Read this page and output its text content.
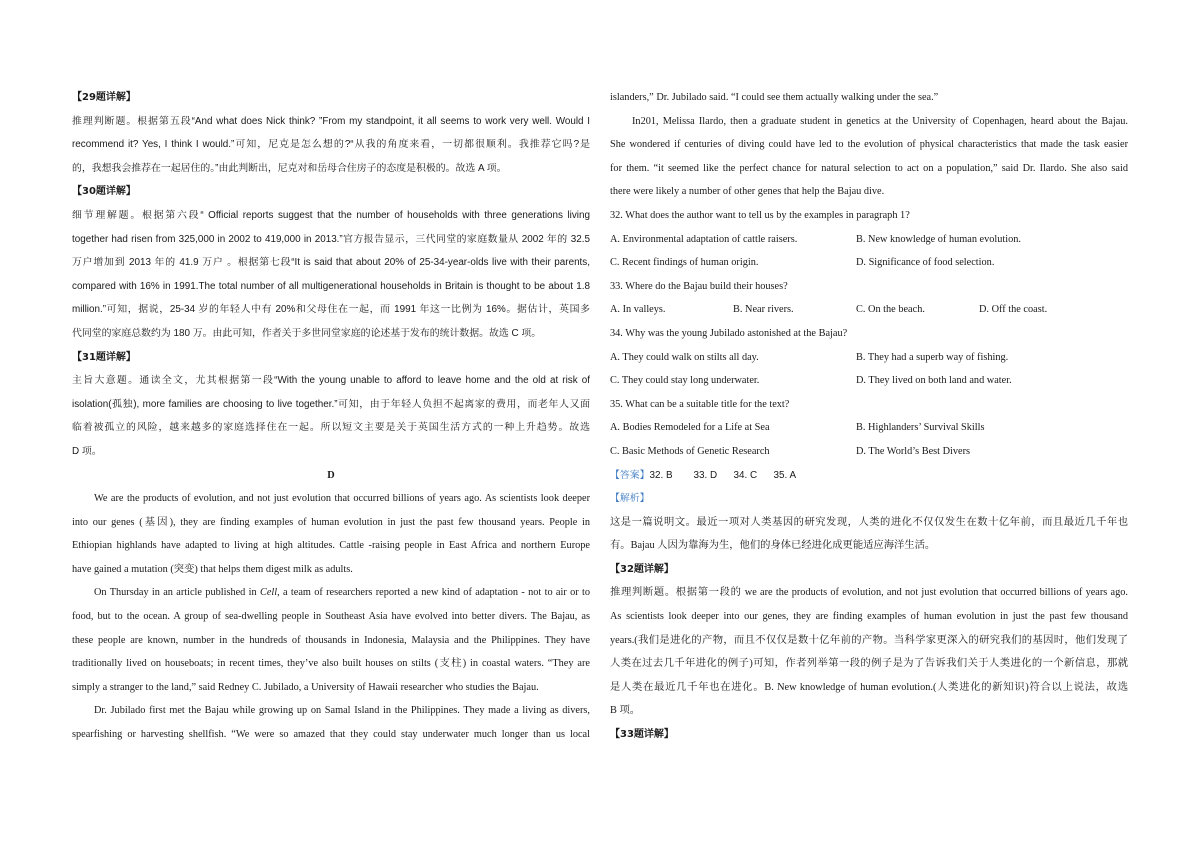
【29题详解】
推理判断题。根据第五段“And what does Nick think? ”From my standpoint, it all seems to work very well. Would I
recommend it? Yes, I think I would.”可知，尼克是怎么想的?“从我的角度来看，一切都很顺利。我推荐它吗?是
的，我想我会推荐在一起居住的。”由此判断出，尼克对和岳母合住房子的态度是积极的。故选 A 项。
【30题详解】
细节理解题。根据第六段“ Official reports suggest that the number of households with three generations living
together had risen from 325,000 in 2002 to 419,000 in 2013.”官方报告显示，三代同堂的家庭数量从 2002 年的 32.5
万户增加到 2013 年的 41.9 万户 。根据第七段“It is said that about 20% of 25-34-year-olds live with their parents,
compared with 16% in 1991.The total number of all multigenerational households in Britain is thought to be about 1.8
million.”可知，据说，25-34 岁的年轻人中有 20%和父母住在一起，而 1991 年这一比例为 16%。据估计，英国多
代同堂的家庭总数约为 180 万。由此可知，作者关于多世同堂家庭的论述基于发布的统计数据。故选 C 项。
【31题详解】
主旨大意题。通读全文，尤其根据第一段“With the young unable to afford to leave home and the old at risk of
isolation(孤独), more families are choosing to live together.”可知，由于年轻人负担不起离家的费用，而老年人又面
临着被孤立的风险，越来越多的家庭选择住在一起。所以短文主要是关于英国生活方式的一种上升趋势。故选
D 项。
D
We are the products of evolution, and not just evolution that occurred billions of years ago. As scientists look deeper
into our genes (基因), they are finding examples of human evolution in just the past few thousand years. People in
Ethiopian highlands have adapted to living at high altitudes. Cattle -raising people in East Africa and northern Europe
have gained a mutation (突变) that helps them digest milk as adults.
On Thursday in an article published in Cell, a team of researchers reported a new kind of adaptation - not to air or to
food, but to the ocean. A group of sea-dwelling people in Southeast Asia have evolved into better divers. The Bajau, as
these people are known, number in the hundreds of thousands in Indonesia, Malaysia and the Philippines. They have
traditionally lived on houseboats; in recent times, they’ve also built houses on stilts (支柱) in coastal waters. “They are
simply a stranger to the land,” said Redney C. Jubilado, a University of Hawaii researcher who studies the Bajau.
Dr. Jubilado first met the Bajau while growing up on Samal Island in the Philippines. They made a living as divers,
spearfishing or harvesting shellfish. “We were so amazed that they could stay underwater much longer than us local
islanders,” Dr. Jubilado said. “I could see them actually walking under the sea.”
In201, Melissa Ilardo, then a graduate student in genetics at the University of Copenhagen, heard about the Bajau.
She wondered if centuries of diving could have led to the evolution of physical characteristics that made the task easier
for them. “it seemed like the perfect chance for natural selection to act on a population,” said Dr. Ilardo. She also said
there were likely a number of other genes that help the Bajau dive.
32. What does the author want to tell us by the examples in paragraph 1?
A. Environmental adaptation of cattle raisers.	B. New knowledge of human evolution.
C. Recent findings of human origin.	D. Significance of food selection.
33. Where do the Bajau build their houses?
A. In valleys.	B. Near rivers.	C. On the beach.	D. Off the coast.
34. Why was the young Jubilado astonished at the Bajau?
A. They could walk on stilts all day.	B. They had a superb way of fishing.
C. They could stay long underwater.	D. They lived on both land and water.
35. What can be a suitable title for the text?
A. Bodies Remodeled for a Life at Sea	B. Highlanders’ Survival Skills
C. Basic Methods of Genetic Research	D. The World’s Best Divers
【答案】32. B 33. D 34. C 35. A
【解析】
这是一篇说明文。最近一项对人类基因的研究发现，人类的进化不仅仅发生在数十亿年前，而且最近几千年也
有。Bajau 人因为靠海为生，他们的身体已经进化成更能适应海洋生活。
【32题详解】
推理判断题。根据第一段的 we are the products of evolution, and not just evolution that occurred billions of years ago.
As scientists look deeper into our genes, they are finding examples of human evolution in just the past few thousand
years.(我们是进化的产物，而且不仅仅是数十亿年前的产物。当科学家更深入的研究我们的基因时，他们发现了
人类在过去几千年进化的例子)可知，作者列举第一段的例子是为了告诉我们关于人类进化的一个新信息，那就
是人类在最近几千年也在进化。B. New knowledge of human evolution.(人类进化的新知识)符合以上说法，故选
B 项。
【33题详解】
